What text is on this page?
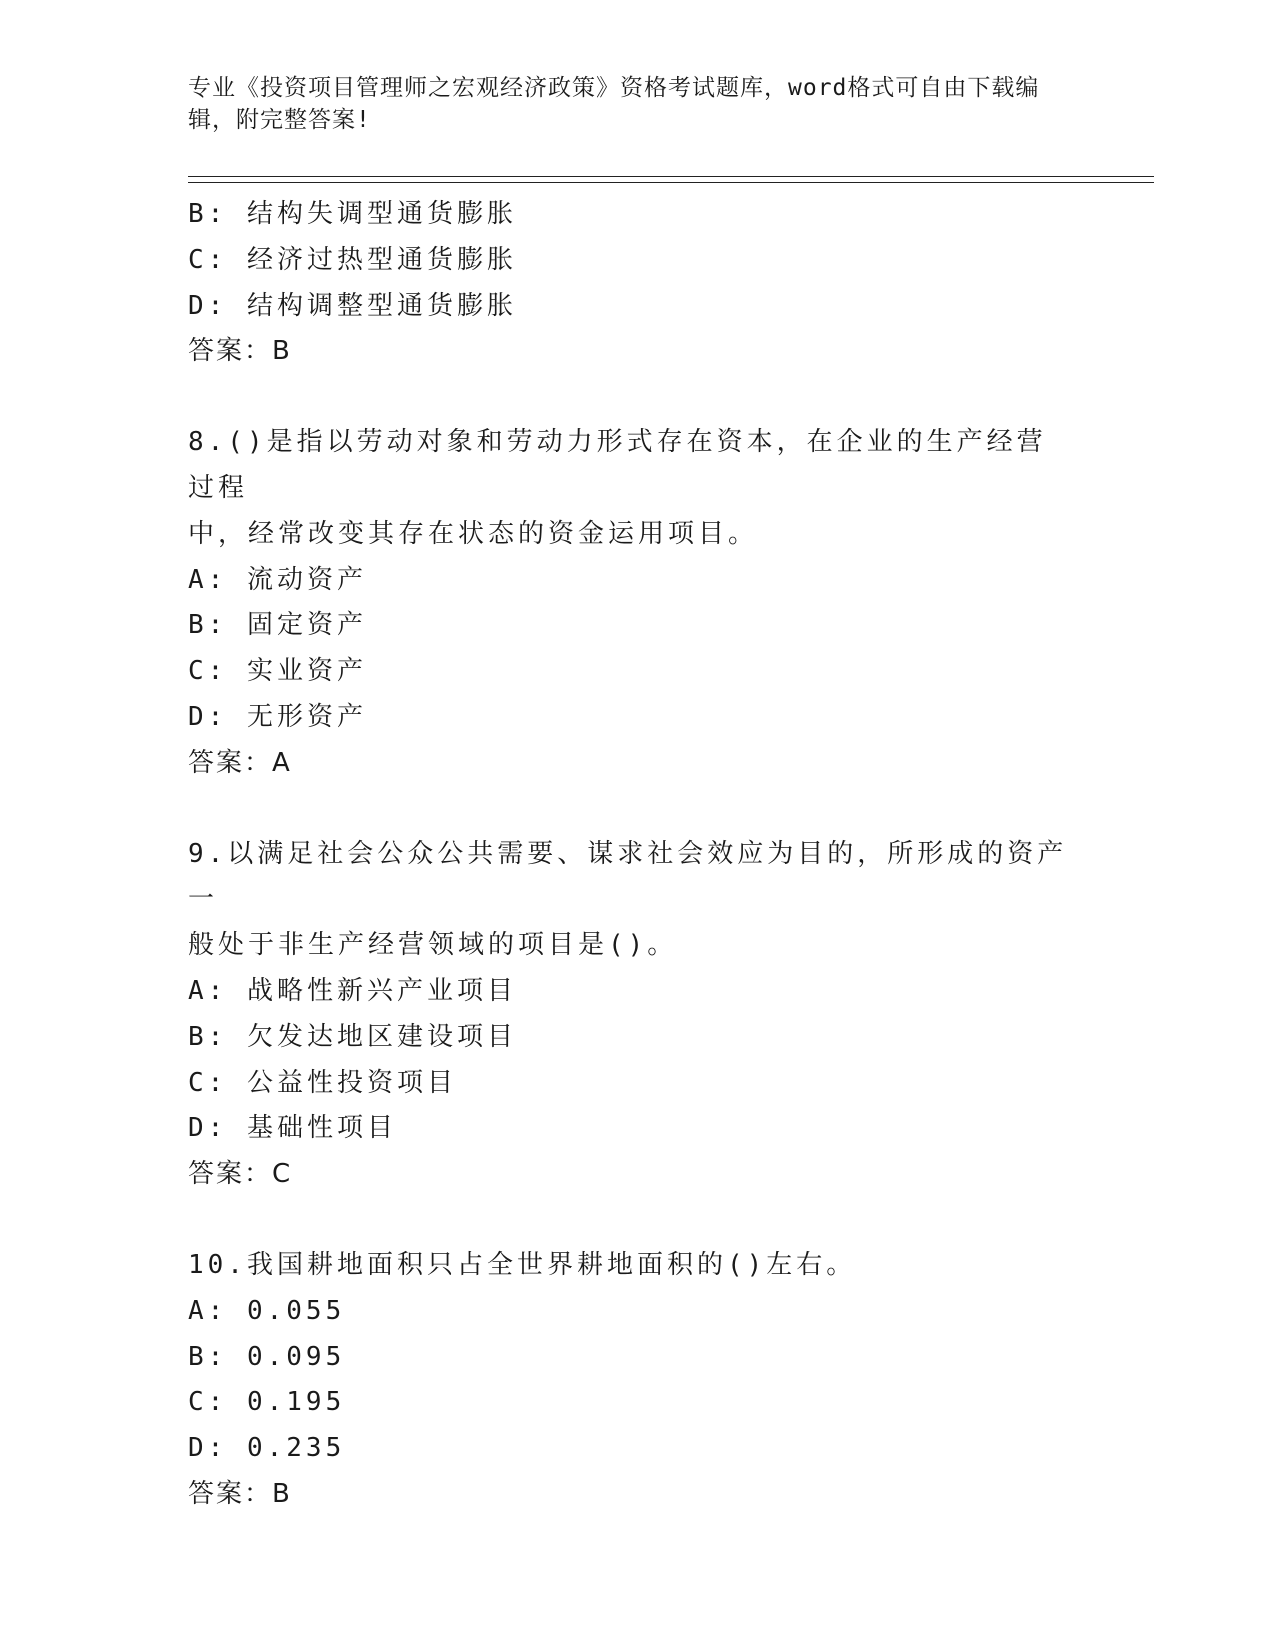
专业《投资项目管理师之宏观经济政策》资格考试题库，word格式可自由下载编辑，附完整答案!
B: 结构失调型通货膨胀
C: 经济过热型通货膨胀
D: 结构调整型通货膨胀
答案：B
8.()是指以劳动对象和劳动力形式存在资本，在企业的生产经营过程
中，经常改变其存在状态的资金运用项目。
A: 流动资产
B: 固定资产
C: 实业资产
D: 无形资产
答案：A
9.以满足社会公众公共需要、谋求社会效应为目的，所形成的资产一
般处于非生产经营领域的项目是()。
A: 战略性新兴产业项目
B: 欠发达地区建设项目
C: 公益性投资项目
D: 基础性项目
答案：C
10.我国耕地面积只占全世界耕地面积的()左右。
A: 0.055
B: 0.095
C: 0.195
D: 0.235
答案：B
